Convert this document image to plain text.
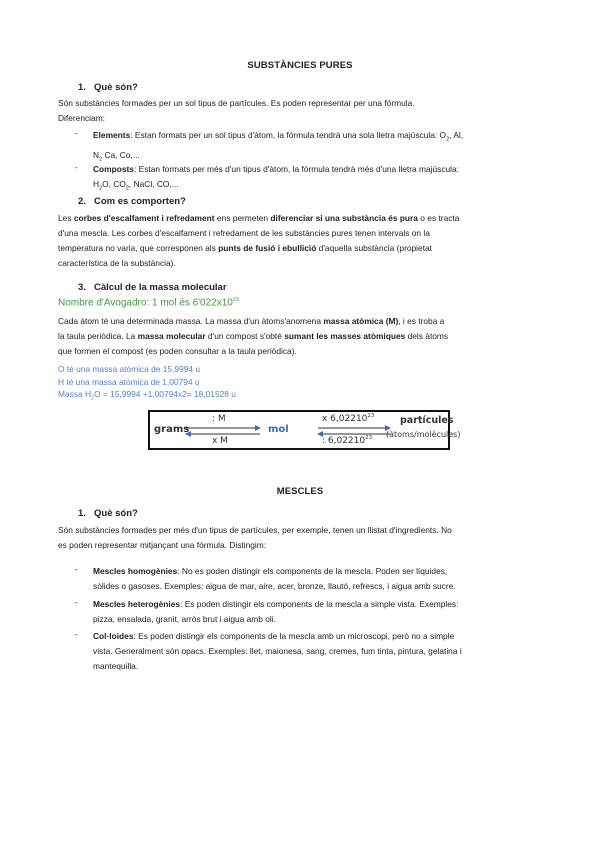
SUBSTÀNCIES PURES
1. Què són?
Són substàncies formades per un sol tipus de partícules. Es poden representar per una fórmula.
Diferenciam:
- Elements: Estan formats per un sol tipus d'àtom, la fórmula tendrà una sola lletra majúscula: $O_2$, Al,
$N_2$ Ca, Co,...
- Composts: Estan formats per més d'un tipus d'àtom, la fórmula tendrà més d'una lletra majúscula:
$H_2O$, $CO_2$, NaCl, CO,...
2. Com es comporten?
Les corbes d'escalfament i refredament ens permeten diferenciar si una substància és pura o es tracta
d'una mescla. Les corbes d'escalfament i refredament de les substàncies pures tenen intervals on la
temperatura no varia, que corresponen als punts de fusió i ebullició d'aquella substància (propietat
característica de la substància).
3. Càlcul de la massa molecular
Nombre d'Avogadro: 1 mol és $6'022x10^{23}$
Cada àtom té una determinada massa. La massa d'un àtoms'anomena massa atòmica (M), i es troba a
la taula periòdica. La massa molecular d'un compost s'obté sumant les masses atòmiques dels àtoms
que formen el compost (es poden consultar a la taula periòdica).
O té una massa atòmica de 15,9994 u
H té una massa atòmica de 1,00794 u
Massa $H_2O = 15,9994 +1,00794x2= 18,01528$ u
grams
: M
x M
mol
x 6,02210$^{23}$
: 6,02210$^{23}$
partícules
(àtoms/molècules)
MESCLES
1. Què són?
Són substàncies formades per més d'un tipus de partícules, per exemple, tenen un llistat d'ingredients. No
es poden representar mitjançant una fórmula. Distingim:
- Mescles homogènies: No es poden distingir els components de la mescla. Poden ser líquides,
sòlides o gasoses. Exemples: aigua de mar, aire, acer, bronze, llautó, refrescs, i aigua amb sucre.
- Mescles heterogènies: Es poden distingir els components de la mescla a simple vista. Exemples:
pizza, ensalada, granit, arròs brut i aigua amb oli.
- Col·loides: Es poden distingir els components de la mescla amb un microscopi, però no a simple
vista. Generalment són opacs. Exemples: llet, maionesa, sang, cremes, fum tinta, pintura, gelatina i
mantequilla.
